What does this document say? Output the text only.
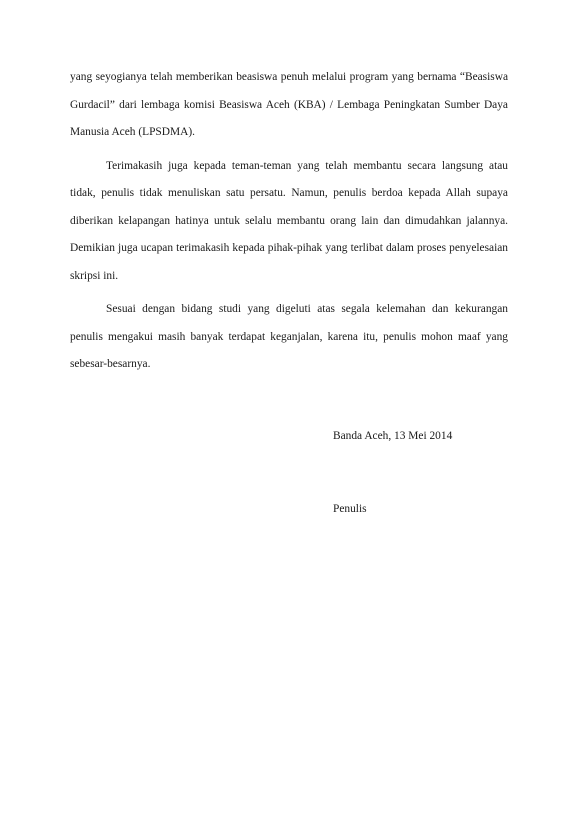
yang seyogianya telah memberikan beasiswa penuh melalui program yang bernama “Beasiswa Gurdacil” dari lembaga komisi Beasiswa Aceh (KBA) / Lembaga Peningkatan Sumber Daya Manusia Aceh (LPSDMA).

Terimakasih juga kepada teman-teman yang telah membantu secara langsung atau tidak, penulis tidak menuliskan satu persatu. Namun, penulis berdoa kepada Allah supaya diberikan kelapangan hatinya untuk selalu membantu orang lain dan dimudahkan jalannya. Demikian juga ucapan terimakasih kepada pihak-pihak yang terlibat dalam proses penyelesaian skripsi ini.

Sesuai dengan bidang studi yang digeluti atas segala kelemahan dan kekurangan penulis mengakui masih banyak terdapat keganjalan, karena itu, penulis mohon maaf yang sebesar-besarnya.

Banda Aceh, 13 Mei 2014
Penulis
